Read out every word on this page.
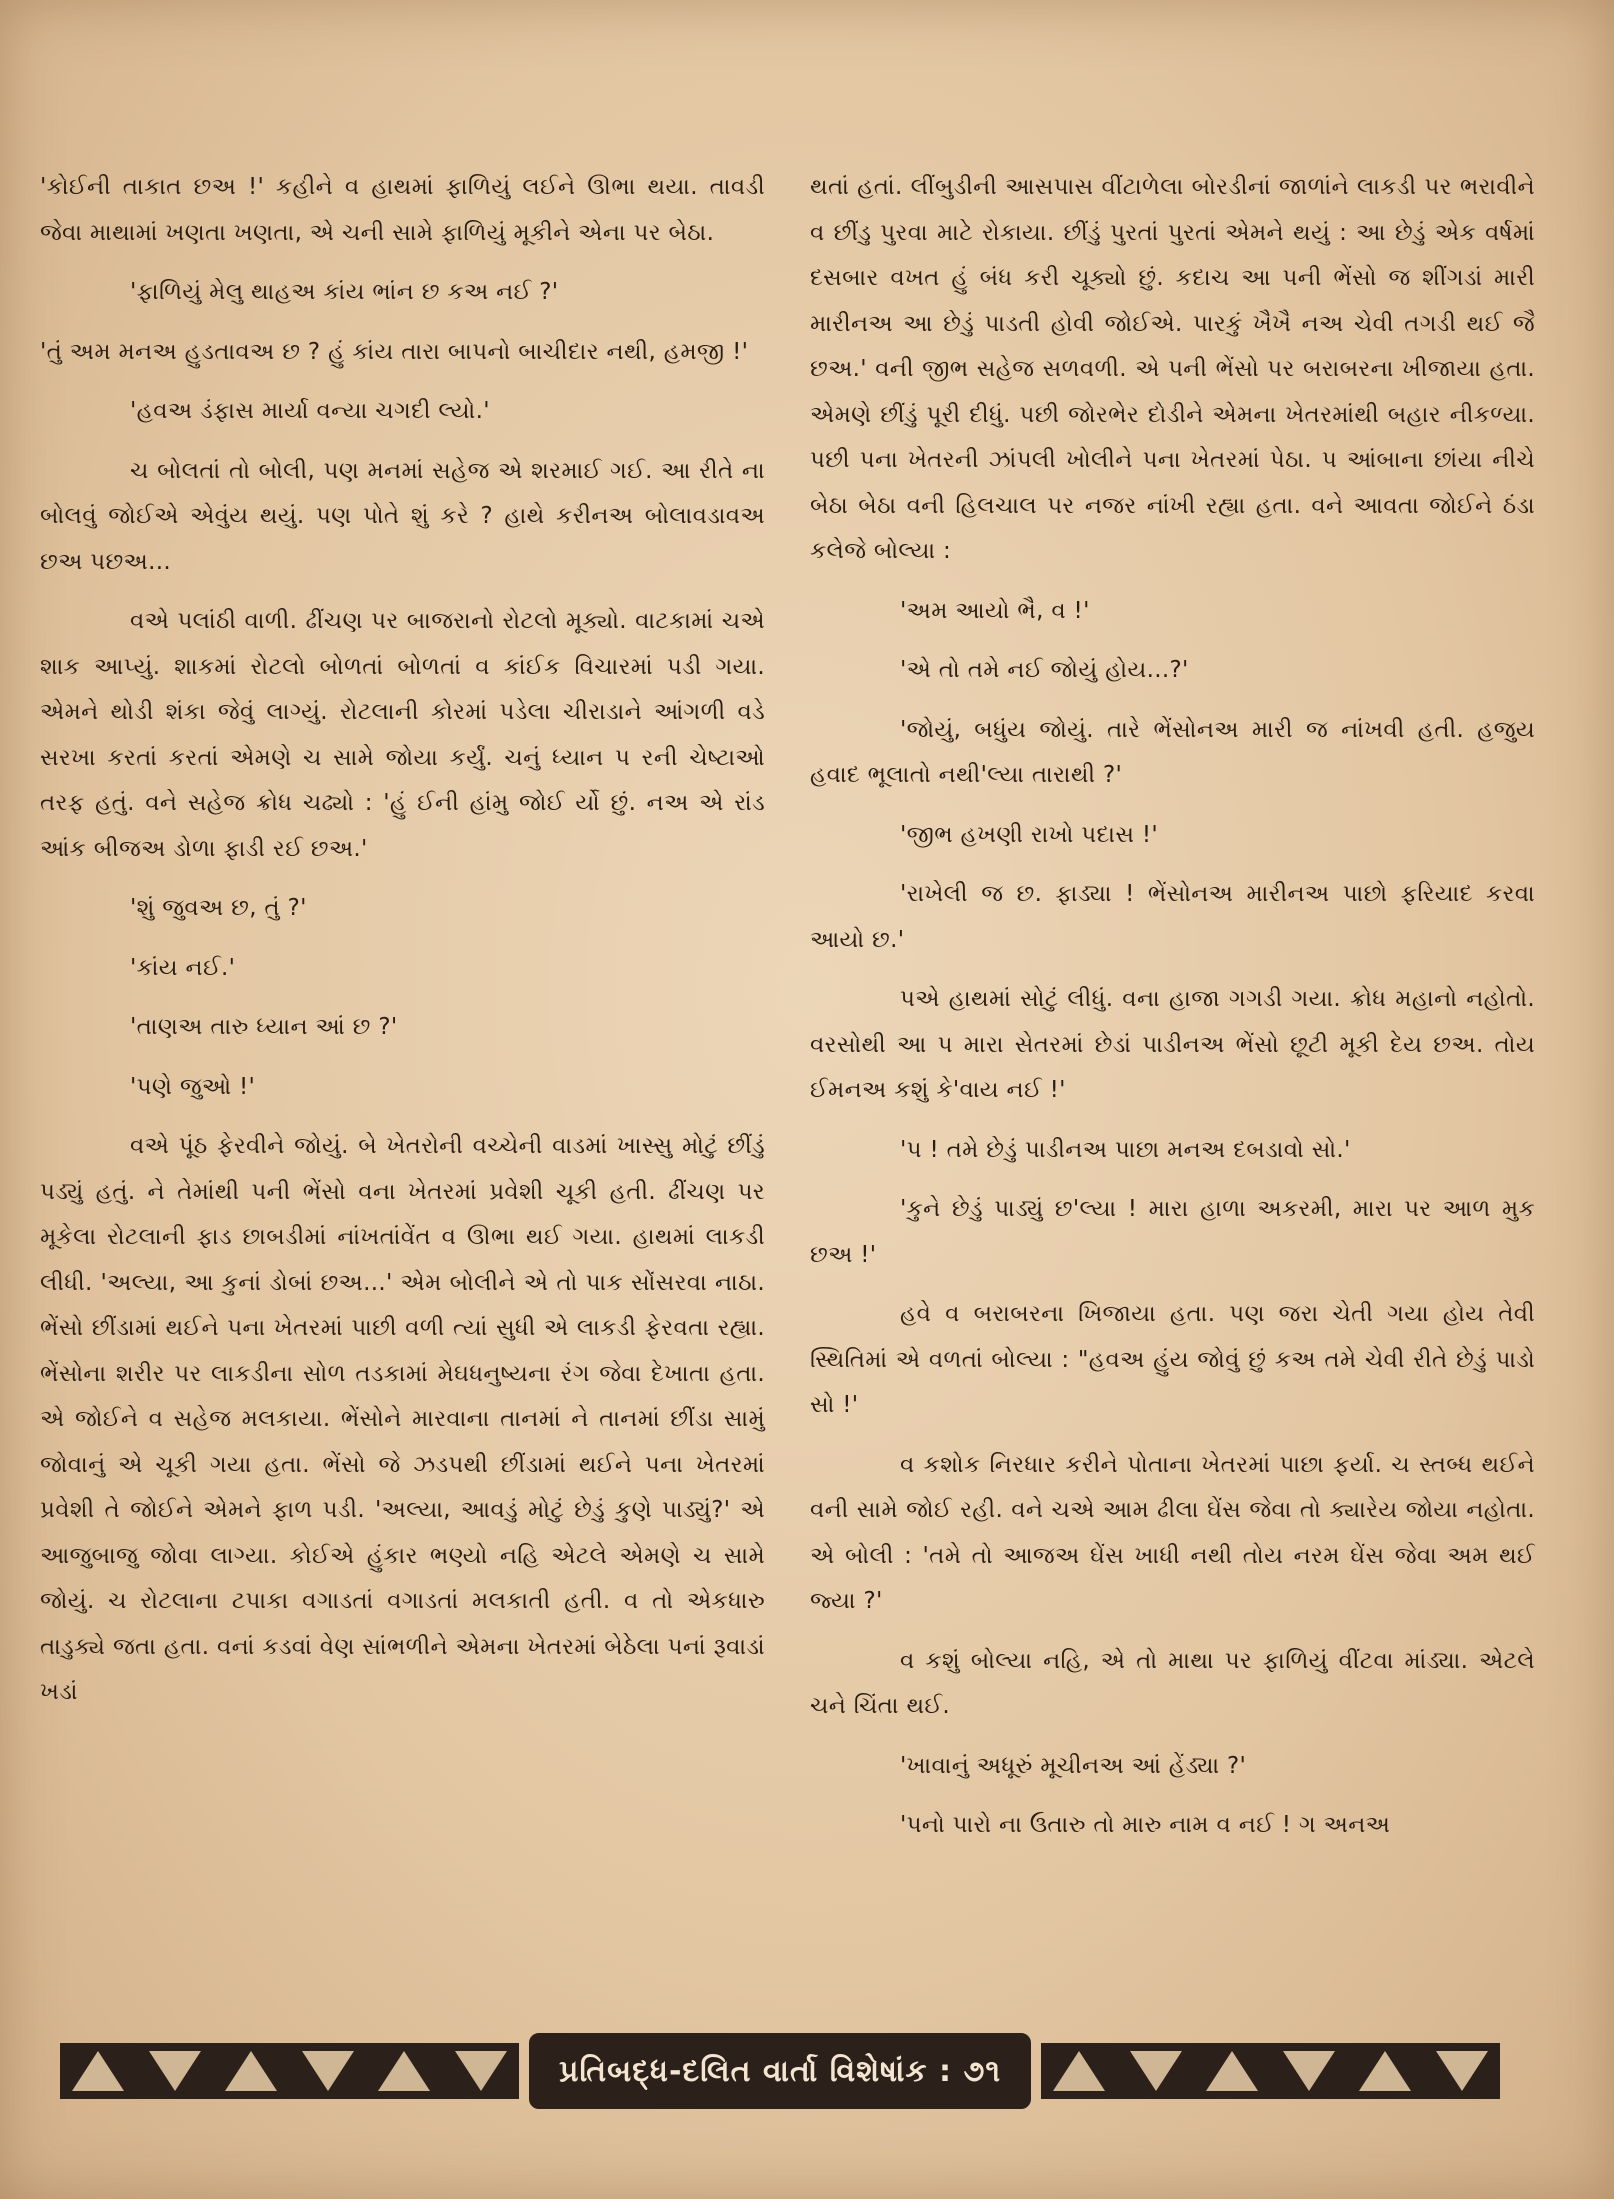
'કોઈની તાકાત છઅ !' કહીને વ હાથમાં ફાળિયું લઈને ઊભા થયા. તાવડી જેવા માથામાં ખણતા ખણતા, એ ચની સામે ફાળિયું મૂકીને એના પર બેઠા.

'ફાળિયું મેલુ થાહઅ કાંય ભાંન છ કઅ નઈ ?'

'તું અમ મનઅ હુડતાવઅ છ ? હું કાંય તારા બાપનો બાચીદાર નથી, હમજી !'

'હવઅ ડંફાસ માર્યા વન્યા ચગદી લ્યો.'

ચ બોલતાં તો બોલી, પણ મનમાં સહેજ એ શરમાઈ ગઈ. આ રીતે ના બોલવું જોઈએ એવુંય થયું. પણ પોતે શું કરે ? હાથે કરીનઅ બોલાવડાવઅ છઅ પછઅ...

વએ પલાંઠી વાળી. ઢીંચણ પર બાજરાનો રોટલો મૂક્યો. વાટકામાં ચએ શાક આપ્યું. શાકમાં રોટલો બોળતાં બોળતાં વ કાંઈક વિચારમાં પડી ગયા. એમને થોડી શંકા જેવું લાગ્યું. રોટલાની કોરમાં પડેલા ચીરાડાને આંગળી વડે સરખા કરતાં કરતાં એમણે ચ સામે જોયા કર્યું. ચનું ધ્યાન પ રની ચેષ્ટાઓ તરફ હતું. વને સહેજ ક્રોધ ચઢ્યો : 'હું ઈની હાંમુ જોઈ ર્યો છું. નઅ એ રાંડ આંક બીજઅ ડોળા ફાડી રઈ છઅ.'

'શું જુવઅ છ, તું ?'

'કાંય નઈ.'

'તાણઅ તારુ ધ્યાન આં છ ?'

'પણે જુઓ !'

વએ પૂંઠ ફેરવીને જોયું. બે ખેતરોની વચ્ચેની વાડમાં ખાસ્સુ મોટું છીંડું પડ્યું હતું. ને તેમાંથી પની ભેંસો વના ખેતરમાં પ્રવેશી ચૂકી હતી. ઢીંચણ પર મૂકેલા રોટલાની ફાડ છાબડીમાં નાંખતાંવેંત વ ઊભા થઈ ગયા. હાથમાં લાકડી લીધી. 'અલ્યા, આ કુનાં ડોબાં છઅ...' એમ બોલીને એ તો પાક સોંસરવા નાઠા. ભેંસો છીંડામાં થઈને પના ખેતરમાં પાછી વળી ત્યાં સુધી એ લાકડી ફેરવતા રહ્યા. ભેંસોના શરીર પર લાકડીના સોળ તડકામાં મેઘધનુષ્યના રંગ જેવા દેખાતા હતા. એ જોઈને વ સહેજ મલકાયા. ભેંસોને મારવાના તાનમાં ને તાનમાં છીંડા સામું જોવાનું એ ચૂકી ગયા હતા. ભેંસો જે ઝડપથી છીંડામાં થઈને પના ખેતરમાં પ્રવેશી તે જોઈને એમને ફાળ પડી. 'અલ્યા, આવડું મોટું છેડું કુણે પાડ્યું?' એ આજુબાજુ જોવા લાગ્યા. કોઈએ હુંકાર ભણ્યો નહિ એટલે એમણે ચ સામે જોયું. ચ રોટલાના ટપાકા વગાડતાં વગાડતાં મલકાતી હતી. વ તો એકધારુ તાડુક્યે જતા હતા. વનાં કડવાં વેણ સાંભળીને એમના ખેતરમાં બેઠેલા પનાં રૂવાડાં ખડાં

થતાં હતાં. લીંબુડીની આસપાસ વીંટાળેલા બોરડીનાં જાળાંને લાકડી પર ભરાવીને વ છીંડુ પુરવા માટે રોકાયા. છીંડું પુરતાં પુરતાં એમને થયું : આ છેડું એક વર્ષમાં દસબાર વખત હું બંધ કરી ચૂક્યો છું. કદાચ આ પની ભેંસો જ શીંગડાં મારી મારીનઅ આ છેડું પાડતી હોવી જોઈએ. પારકું ખૈખૈ નઅ ચેવી તગડી થઈ જૈ છઅ.' વની જીભ સહેજ સળવળી. એ પની ભેંસો પર બરાબરના ખીજાયા હતા. એમણે છીંડું પૂરી દીધું. પછી જોરભેર દોડીને એમના ખેતરમાંથી બહાર નીકળ્યા. પછી પના ખેતરની ઝાંપલી ખોલીને પના ખેતરમાં પેઠા. પ આંબાના છાંયા નીચે બેઠા બેઠા વની હિલચાલ પર નજર નાંખી રહ્યા હતા. વને આવતા જોઈને ઠંડા કલેજે બોલ્યા :

'અમ આયો ભૈ, વ !'

'એ તો તમે નઈ જોયું હોય...?'

'જોયું, બધુંય જોયું. તારે ભેંસોનઅ મારી જ નાંખવી હતી. હજુય હવાદ ભૂલાતો નથી'લ્યા તારાથી ?'

'જીભ હખણી રાખો પદાસ !'

'રાખેલી જ છ. ફાડ્યા ! ભેંસોનઅ મારીનઅ પાછો ફરિયાદ કરવા આયો છ.'

પએ હાથમાં સોટું લીધું. વના હાજા ગગડી ગયા. ક્રોધ મહાનો નહોતો. વરસોથી આ પ મારા સેતરમાં છેડાં પાડીનઅ ભેંસો છૂટી મૂકી દેય છઅ. તોય ઈમનઅ કશું કે'વાય નઈ !'

'પ ! તમે છેડું પાડીનઅ પાછા મનઅ દબડાવો સો.'

'કુને છેડું પાડ્યું છ'લ્યા ! મારા હાળા અકરમી, મારા પર આળ મુક છઅ !'

હવે વ બરાબરના ખિજાયા હતા. પણ જરા ચેતી ગયા હોય તેવી સ્થિતિમાં એ વળતાં બોલ્યા : "હવઅ હુંય જોવું છું કઅ તમે ચેવી રીતે છેડું પાડો સો !'

વ કશોક નિરધાર કરીને પોતાના ખેતરમાં પાછા ફર્યા. ચ સ્તબ્ધ થઈને વની સામે જોઈ રહી. વને ચએ આમ ઢીલા ઘેંસ જેવા તો ક્યારેય જોયા નહોતા. એ બોલી : 'તમે તો આજઅ ઘેંસ ખાધી નથી તોય નરમ ઘેંસ જેવા અમ થઈ જ્યા ?'

વ કશું બોલ્યા નહિ, એ તો માથા પર ફાળિયું વીંટવા માંડ્યા. એટલે ચને ચિંતા થઈ.

'ખાવાનું અધૂરું મૂચીનઅ આં હેંડ્યા ?'

'પનો પારો ના ઉતારુ તો મારુ નામ વ નઈ ! ગ અનઅ

પ્રતિબદ્ધ-દલિત વાર્તા વિશેષાંક : ૭૧
